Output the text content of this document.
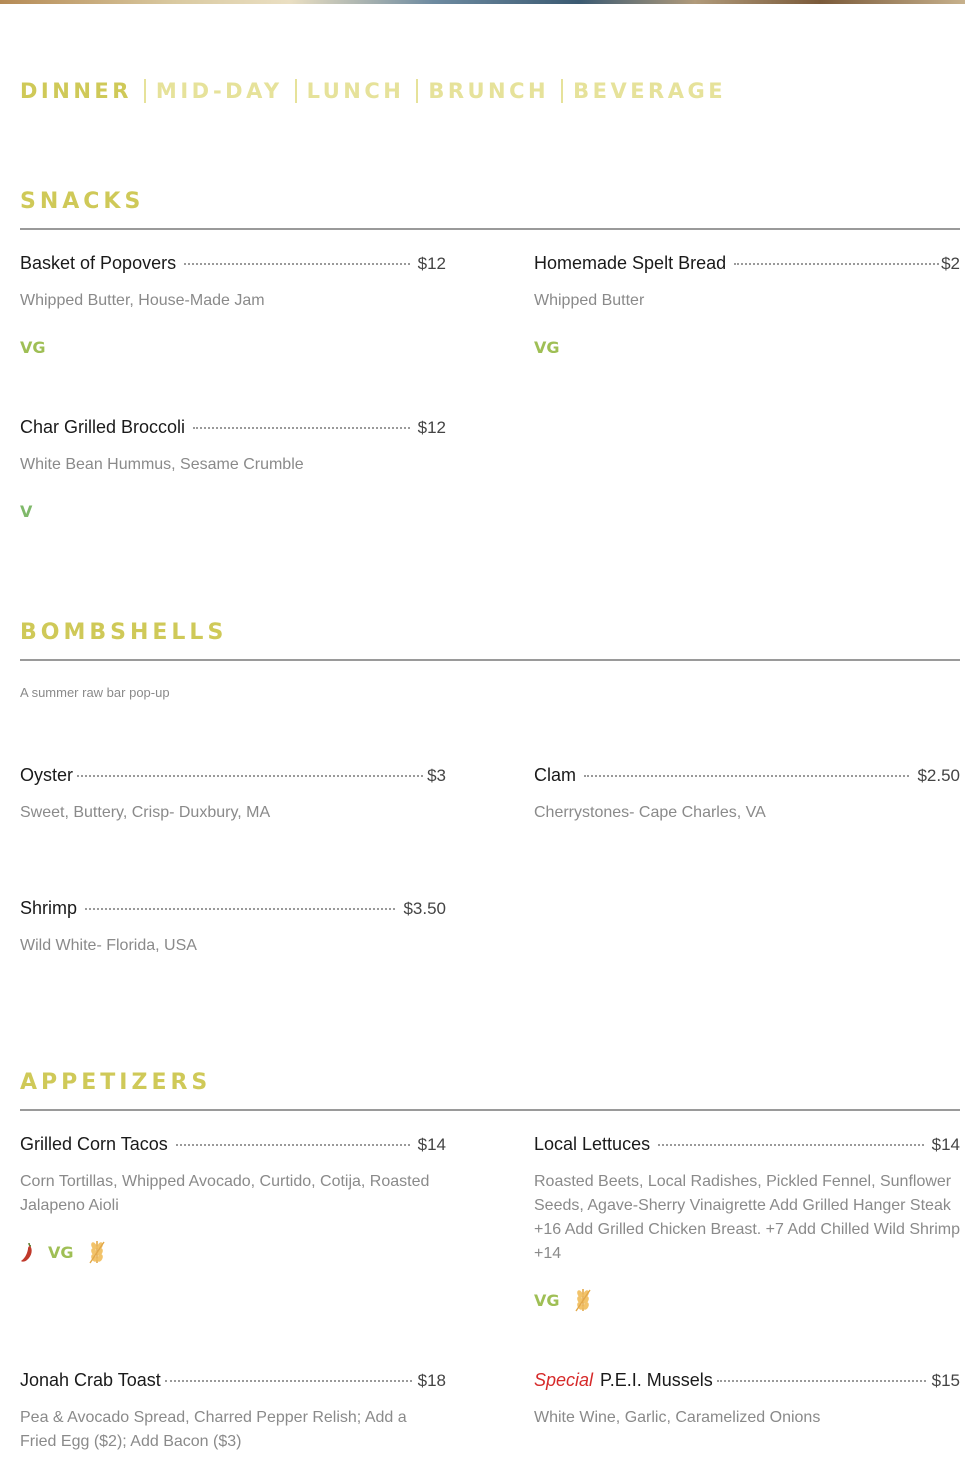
DINNER MID-DAY LUNCH BRUNCH BEVERAGE
SNACKS
Basket of Popovers	$12
Whipped Butter, House-Made Jam
VG
Homemade Spelt Bread	$2
Whipped Butter
VG
Char Grilled Broccoli	$12
White Bean Hummus, Sesame Crumble
V
BOMBSHELLS
A summer raw bar pop-up
Oyster	$3
Sweet, Buttery, Crisp- Duxbury, MA
Clam	$2.50
Cherrystones- Cape Charles, VA
Shrimp	$3.50
Wild White- Florida, USA
APPETIZERS
Grilled Corn Tacos	$14
Corn Tortillas, Whipped Avocado, Curtido, Cotija, Roasted Jalapeno Aioli
VG
Local Lettuces	$14
Roasted Beets, Local Radishes, Pickled Fennel, Sunflower Seeds, Agave-Sherry Vinaigrette Add Grilled Hanger Steak +16 Add Grilled Chicken Breast. +7 Add Chilled Wild Shrimp +14
VG
Jonah Crab Toast	$18
Pea & Avocado Spread, Charred Pepper Relish; Add a Fried Egg ($2); Add Bacon ($3)
Special P.E.I. Mussels	$15
White Wine, Garlic, Caramelized Onions
